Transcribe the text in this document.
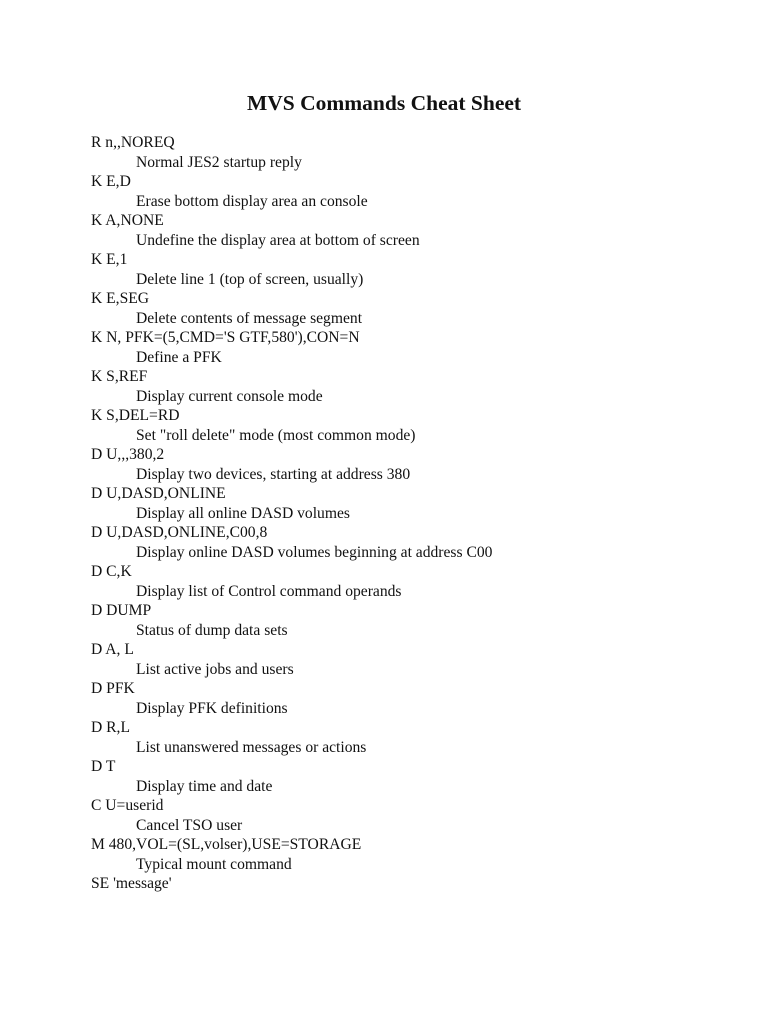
MVS Commands Cheat Sheet
R n,,NOREQ
Normal JES2 startup reply
K E,D
Erase bottom display area an console
K A,NONE
Undefine the display area at bottom of screen
K E,1
Delete line 1 (top of screen, usually)
K E,SEG
Delete contents of message segment
K N, PFK=(5,CMD='S GTF,580'),CON=N
Define a PFK
K S,REF
Display current console mode
K S,DEL=RD
Set "roll delete" mode (most common mode)
D U,,,380,2
Display two devices, starting at address 380
D U,DASD,ONLINE
Display all online DASD volumes
D U,DASD,ONLINE,C00,8
Display online DASD volumes beginning at address C00
D C,K
Display list of Control command operands
D DUMP
Status of dump data sets
D A, L
List active jobs and users
D PFK
Display PFK definitions
D R,L
List unanswered messages or actions
D T
Display time and date
C U=userid
Cancel TSO user
M 480,VOL=(SL,volser),USE=STORAGE
Typical mount command
SE 'message'
